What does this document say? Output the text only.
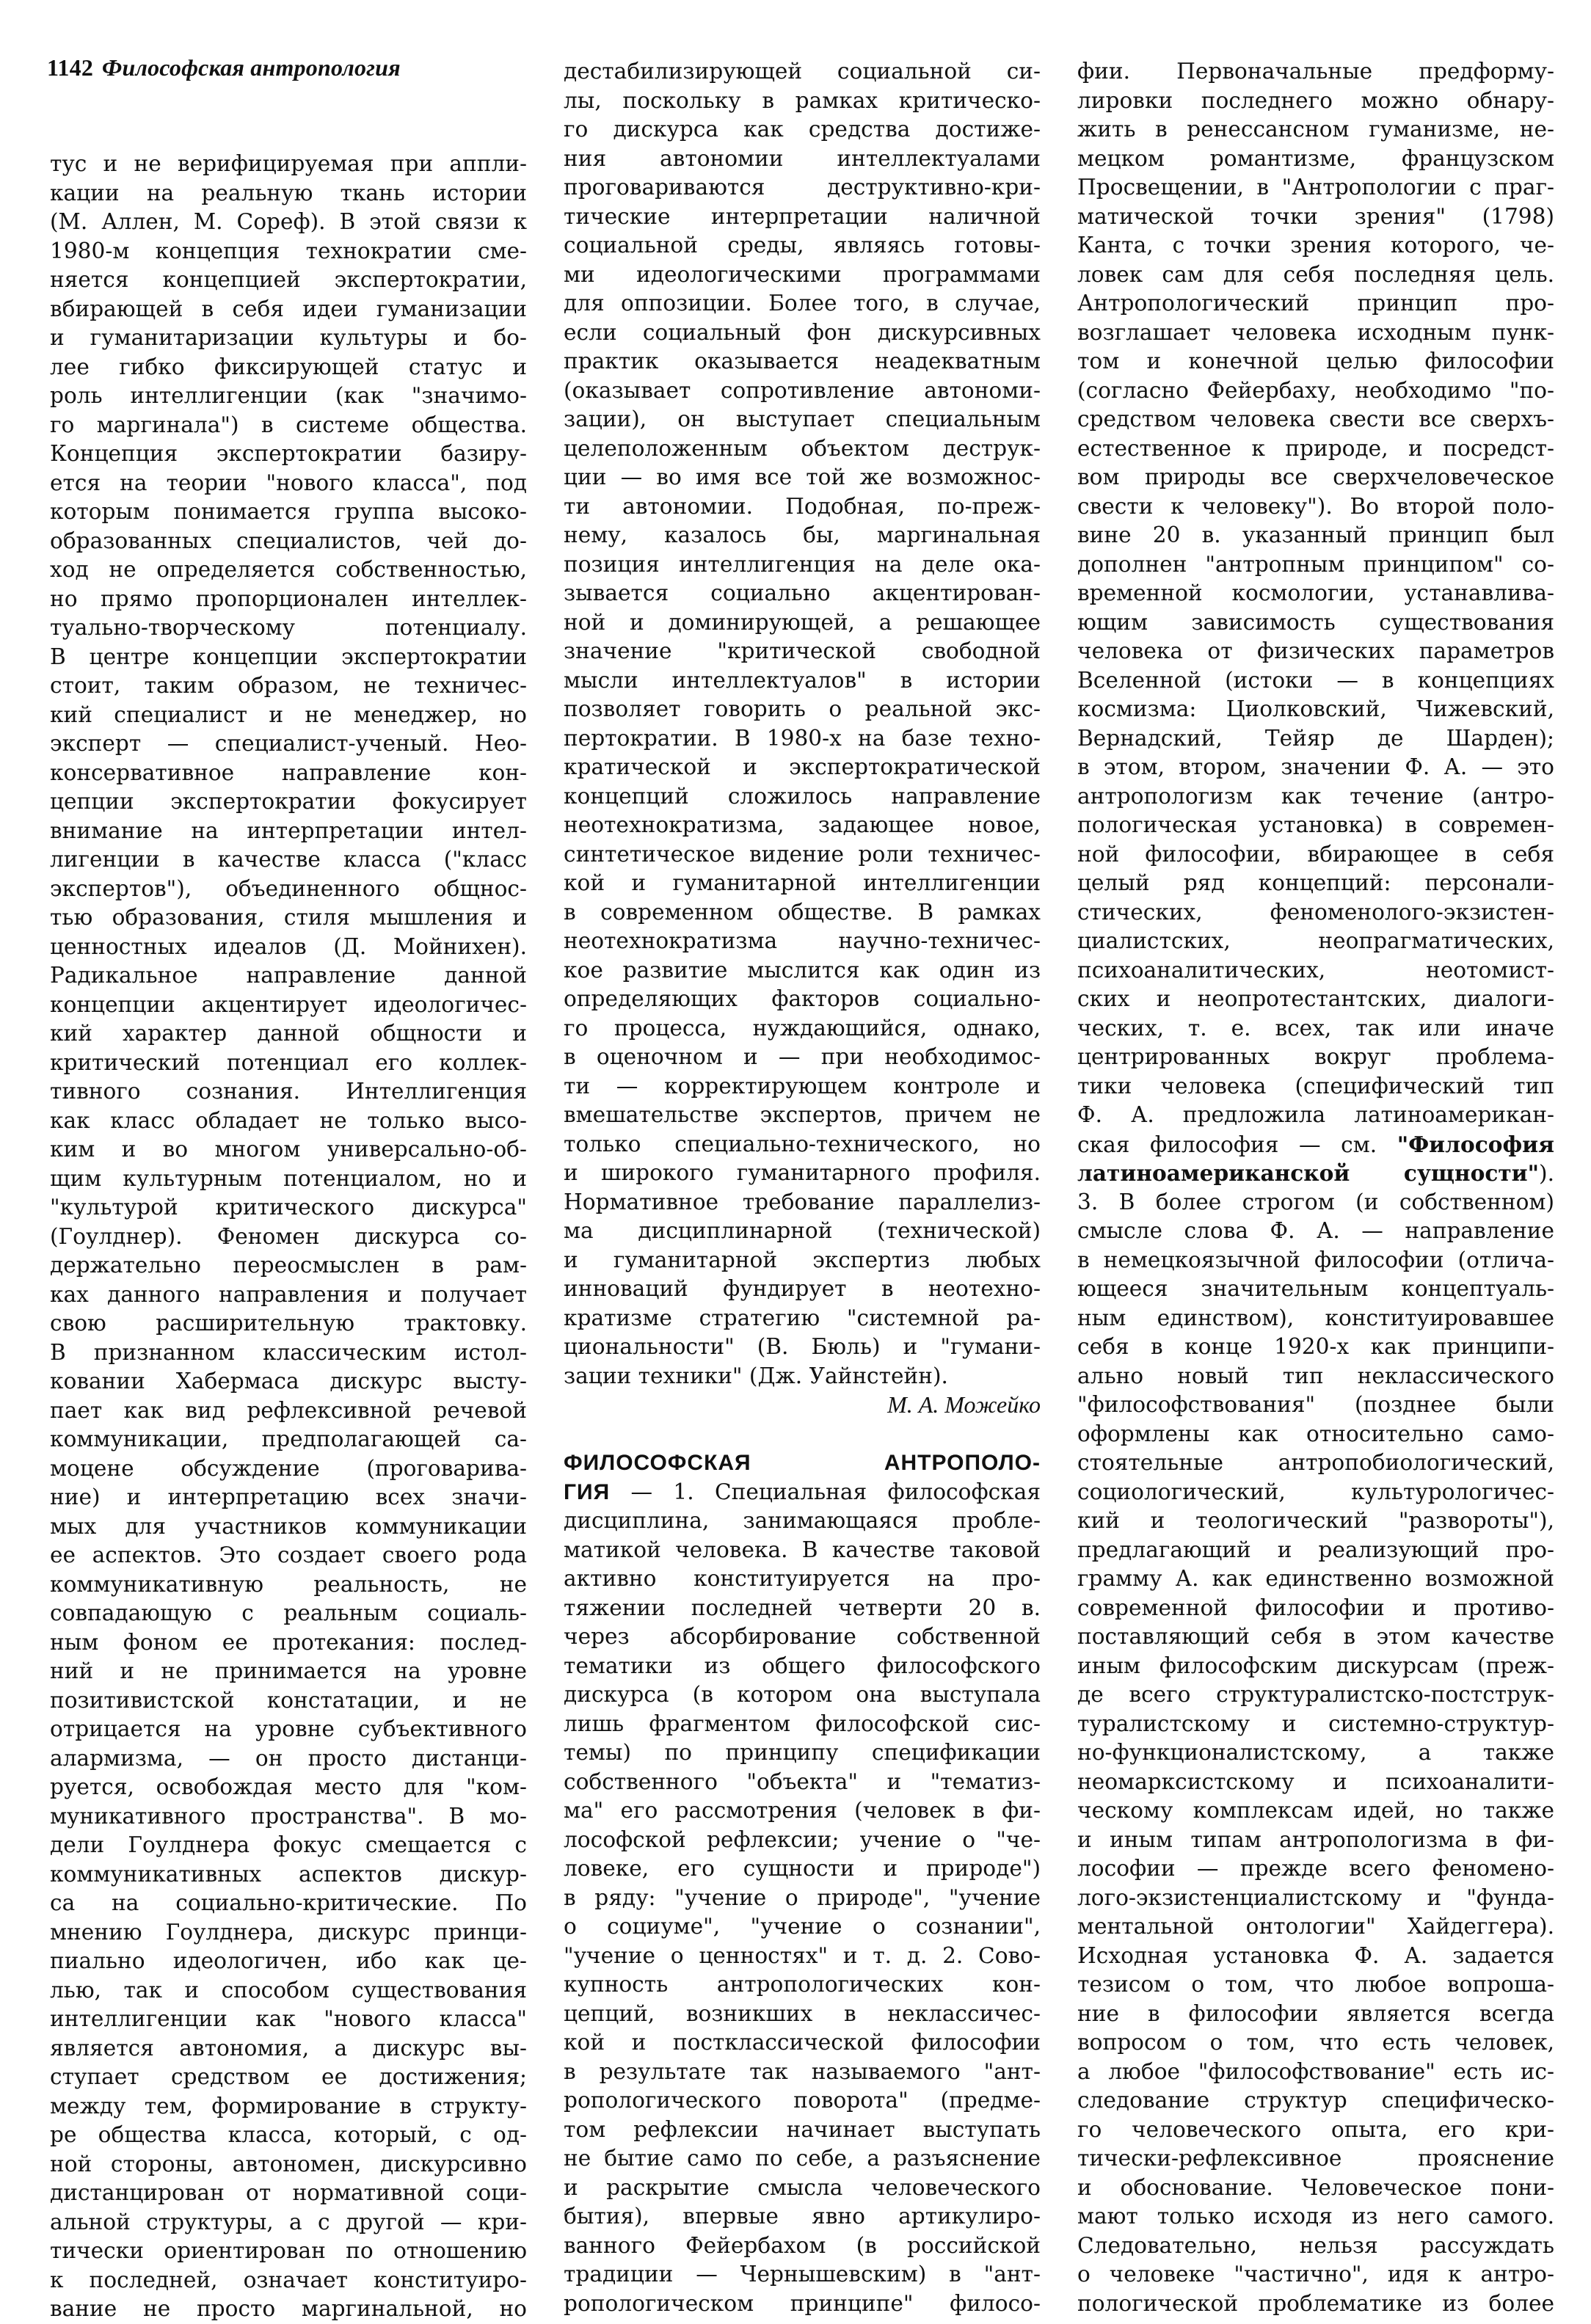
1142 Философская антропология
тус и не верифицируемая при аппли-
кации на реальную ткань истории
(М. Аллен, М. Сореф). В этой связи к
1980-м концепция технократии сме-
няется концепцией экспертократии,
вбирающей в себя идеи гуманизации
и гуманитаризации культуры и бо-
лее гибко фиксирующей статус и
роль интеллигенции (как "значимо-
го маргинала") в системе общества.
Концепция экспертократии базиру-
ется на теории "нового класса", под
которым понимается группа высоко-
образованных специалистов, чей до-
ход не определяется собственностью,
но прямо пропорционален интеллек-
туально-творческому потенциалу.
В центре концепции экспертократии
стоит, таким образом, не техничес-
кий специалист и не менеджер, но
эксперт — специалист-ученый. Нео-
консервативное направление кон-
цепции экспертократии фокусирует
внимание на интерпретации интел-
лигенции в качестве класса ("класс
экспертов"), объединенного общнос-
тью образования, стиля мышления и
ценностных идеалов (Д. Мойнихен).
Радикальное направление данной
концепции акцентирует идеологичес-
кий характер данной общности и
критический потенциал его коллек-
тивного сознания. Интеллигенция
как класс обладает не только высо-
ким и во многом универсально-об-
щим культурным потенциалом, но и
"культурой критического дискурса"
(Гоулднер). Феномен дискурса со-
держательно переосмыслен в рам-
ках данного направления и получает
свою расширительную трактовку.
В признанном классическим истол-
ковании Хабермаса дискурс высту-
пает как вид рефлексивной речевой
коммуникации, предполагающей са-
моцене обсуждение (проговарива-
ние) и интерпретацию всех значи-
мых для участников коммуникации
ее аспектов. Это создает своего рода
коммуникативную реальность, не
совпадающую с реальным социаль-
ным фоном ее протекания: послед-
ний и не принимается на уровне
позитивистской констатации, и не
отрицается на уровне субъективного
алармизма, — он просто дистанци-
руется, освобождая место для "ком-
муникативного пространства". В мо-
дели Гоулднера фокус смещается с
коммуникативных аспектов дискур-
са на социально-критические. По
мнению Гоулднера, дискурс принци-
пиально идеологичен, ибо как це-
лью, так и способом существования
интеллигенции как "нового класса"
является автономия, а дискурс вы-
ступает средством ее достижения;
между тем, формирование в структу-
ре общества класса, который, с од-
ной стороны, автономен, дискурсивно
дистанцирован от нормативной соци-
альной структуры, а с другой — кри-
тически ориентирован по отношению
к последней, означает конституиро-
вание не просто маргинальной, но
дестабилизирующей социальной си-
лы, поскольку в рамках критическо-
го дискурса как средства достиже-
ния автономии интеллектуалами
проговариваются деструктивно-кри-
тические интерпретации наличной
социальной среды, являясь готовы-
ми идеологическими программами
для оппозиции. Более того, в случае,
если социальный фон дискурсивных
практик оказывается неадекватным
(оказывает сопротивление автономи-
зации), он выступает специальным
целеположенным объектом деструк-
ции — во имя все той же возможнос-
ти автономии. Подобная, по-преж-
нему, казалось бы, маргинальная
позиция интеллигенция на деле ока-
зывается социально акцентирован-
ной и доминирующей, а решающее
значение "критической свободной
мысли интеллектуалов" в истории
позволяет говорить о реальной экс-
пертократии. В 1980-х на базе техно-
кратической и экспертократической
концепций сложилось направление
неотехнократизма, задающее новое,
синтетическое видение роли техничес-
кой и гуманитарной интеллигенции
в современном обществе. В рамках
неотехнократизма научно-техничес-
кое развитие мыслится как один из
определяющих факторов социально-
го процесса, нуждающийся, однако,
в оценочном и — при необходимос-
ти — корректирующем контроле и
вмешательстве экспертов, причем не
только специально-технического, но
и широкого гуманитарного профиля.
Нормативное требование параллелиз-
ма дисциплинарной (технической)
и гуманитарной экспертиз любых
инноваций фундирует в неотехно-
кратизме стратегию "системной ра-
циональности" (В. Бюль) и "гумани-
зации техники" (Дж. Уайнстейн).
М. А. Можейко
ФИЛОСОФСКАЯ АНТРОПОЛО-
ГИЯ — 1. Специальная философская
дисциплина, занимающаяся пробле-
матикой человека. В качестве таковой
активно конституируется на про-
тяжении последней четверти 20 в.
через абсорбирование собственной
тематики из общего философского
дискурса (в котором она выступала
лишь фрагментом философской сис-
темы) по принципу спецификации
собственного "объекта" и "тематиз-
ма" его рассмотрения (человек в фи-
лософской рефлексии; учение о "че-
ловеке, его сущности и природе")
в ряду: "учение о природе", "учение
о социуме", "учение о сознании",
"учение о ценностях" и т. д. 2. Сово-
купность антропологических кон-
цепций, возникших в неклассичес-
кой и постклассической философии
в результате так называемого "ант-
ропологического поворота" (предме-
том рефлексии начинает выступать
не бытие само по себе, а разъяснение
и раскрытие смысла человеческого
бытия), впервые явно артикулиро-
ванного Фейербахом (в российской
традиции — Чернышевским) в "ант-
ропологическом принципе" филосо-
фии. Первоначальные предформу-
лировки последнего можно обнару-
жить в ренессансном гуманизме, не-
мецком романтизме, французском
Просвещении, в "Антропологии с праг-
матической точки зрения" (1798)
Канта, с точки зрения которого, че-
ловек сам для себя последняя цель.
Антропологический принцип про-
возглашает человека исходным пунк-
том и конечной целью философии
(согласно Фейербаху, необходимо "по-
средством человека свести все сверхъ-
естественное к природе, и посредст-
вом природы все сверхчеловеческое
свести к человеку"). Во второй поло-
вине 20 в. указанный принцип был
дополнен "антропным принципом" со-
временной космологии, устанавлива-
ющим зависимость существования
человека от физических параметров
Вселенной (истоки — в концепциях
космизма: Циолковский, Чижевский,
Вернадский, Тейяр де Шарден);
в этом, втором, значении Ф. А. — это
антропологизм как течение (антро-
пологическая установка) в современ-
ной философии, вбирающее в себя
целый ряд концепций: персонали-
стических, феноменолого-экзистен-
циалистских, неопрагматических,
психоаналитических, неотомист-
ских и неопротестантских, диалоги-
ческих, т. е. всех, так или иначе
центрированных вокруг проблема-
тики человека (специфический тип
Ф. А. предложила латиноамерикан-
ская философия — см. "Философия
латиноамериканской сущности").
3. В более строгом (и собственном)
смысле слова Ф. А. — направление
в немецкоязычной философии (отлича-
ющееся значительным концептуаль-
ным единством), конституировавшее
себя в конце 1920-х как принципи-
ально новый тип неклассического
"философствования" (позднее были
оформлены как относительно само-
стоятельные антропобиологический,
социологический, культурологичес-
кий и теологический "развороты"),
предлагающий и реализующий про-
грамму А. как единственно возможной
современной философии и противо-
поставляющий себя в этом качестве
иным философским дискурсам (преж-
де всего структуралистско-постструк-
туралистскому и системно-структур-
но-функционалистскому, а также
неомарксистскому и психоаналити-
ческому комплексам идей, но также
и иным типам антропологизма в фи-
лософии — прежде всего феномено-
лого-экзистенциалистскому и "фунда-
ментальной онтологии" Хайдеггера).
Исходная установка Ф. А. задается
тезисом о том, что любое вопроша-
ние в философии является всегда
вопросом о том, что есть человек,
а любое "философствование" есть ис-
следование структур специфическо-
го человеческого опыта, его кри-
тически-рефлексивное прояснение
и обоснование. Человеческое пони-
мают только исходя из него самого.
Следовательно, нельзя рассуждать
о человеке "частично", идя к антро-
пологической проблематике из более
